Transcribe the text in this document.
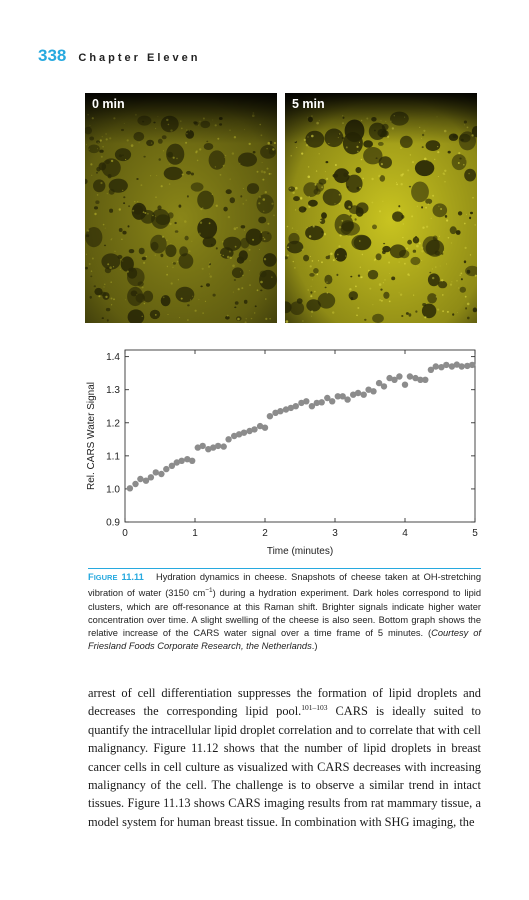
338 Chapter Eleven
0 min	5 min
0	1	2	3	4	5
0.9
1.0
1.1
1.2
1.3
1.4
Time (minutes)
Rel. CARS Water Signal

FIGURE 11.11 Hydration dynamics in cheese. Snapshots of cheese taken at OH-stretching vibration of water (3150 $cm^{-1}$) during a hydration experiment. Dark holes correspond to lipid clusters, which are off-resonance at this Raman shift. Brighter signals indicate higher water concentration over time. A slight swelling of the cheese is also seen. Bottom graph shows the relative increase of the CARS water signal over a time frame of 5 minutes. (Courtesy of Friesland Foods Corporate Research, the Netherlands.)

arrest of cell differentiation suppresses the formation of lipid droplets and decreases the corresponding lipid pool.$^{101-103}$ CARS is ideally suited to quantify the intracellular lipid droplet correlation and to correlate that with cell malignancy. Figure 11.12 shows that the number of lipid droplets in breast cancer cells in cell culture as visualized with CARS decreases with increasing malignancy of the cell. The challenge is to observe a similar trend in intact tissues. Figure 11.13 shows CARS imaging results from rat mammary tissue, a model system for human breast tissue. In combination with SHG imaging, the
